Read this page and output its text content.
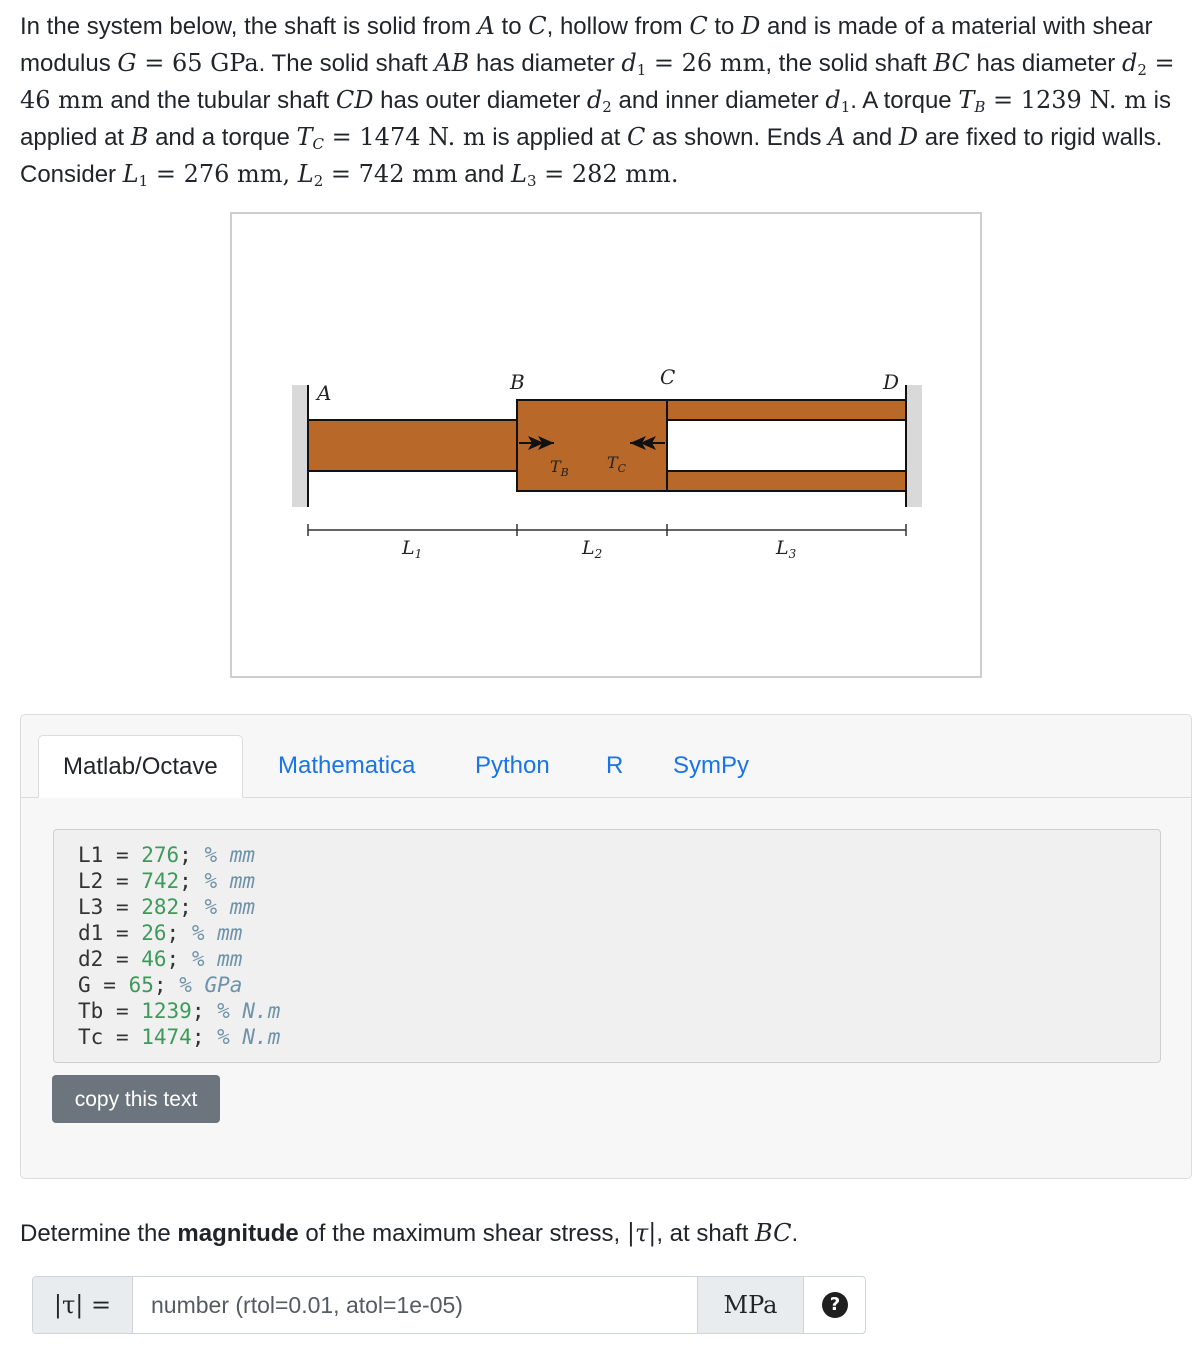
In the system below, the shaft is solid from A to C, hollow from C to D and is made of a material with shear modulus G = 65 GPa. The solid shaft AB has diameter $d_1 = 26$ mm, the solid shaft BC has diameter $d_2 = 46$ mm and the tubular shaft CD has outer diameter $d_2$ and inner diameter $d_1$. A torque $T_B = 1239$ N. m is applied at B and a torque $T_C = 1474$ N. m is applied at C as shown. Ends A and D are fixed to rigid walls. Consider $L_1 = 276$ mm, $L_2 = 742$ mm and $L_3 = 282$ mm.
A	B	C	D
$T_B$
$T_C$
$L_1$	$L_2$	$L_3$
Matlab/Octave	Mathematica Python R SymPy
L1 = 276; % mm
L2 = 742; % mm
L3 = 282; % mm
d1 = 26; % mm
d2 = 46; % mm
G = 65; % GPa
Tb = 1239; % N.m
Tc = 1474; % N.m
copy this text
Determine the magnitude of the maximum shear stress, |τ|, at shaft BC.
|τ| =
number (rtol=0.01, atol=1e-05)	MPa	?
